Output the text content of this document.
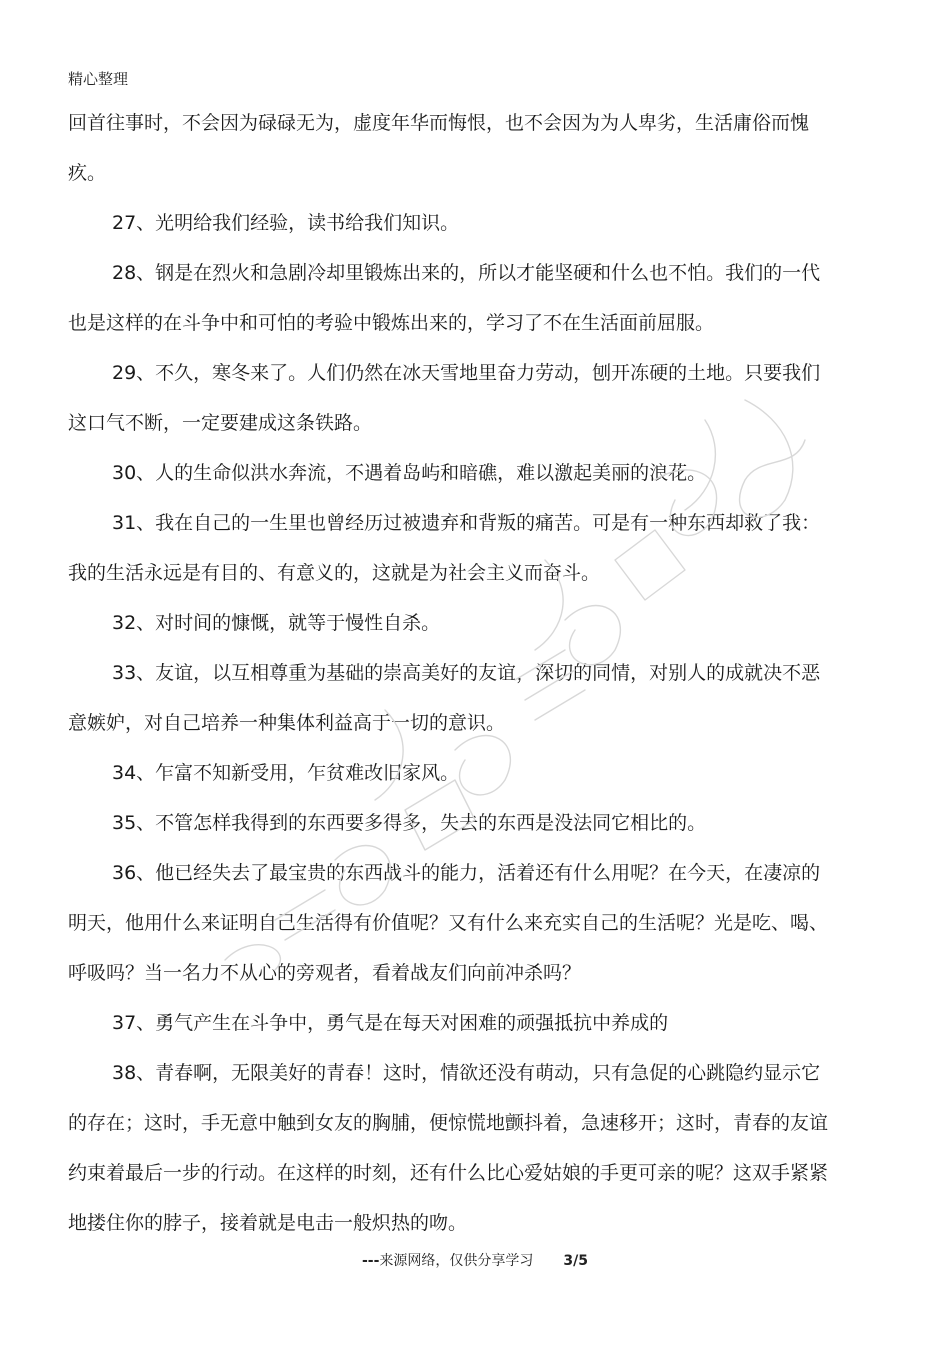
精心整理

回首往事时，不会因为碌碌无为，虚度年华而悔恨，也不会因为为人卑劣，生活庸俗而愧疚。

27、光明给我们经验，读书给我们知识。

28、钢是在烈火和急剧冷却里锻炼出来的，所以才能坚硬和什么也不怕。我们的一代也是这样的在斗争中和可怕的考验中锻炼出来的，学习了不在生活面前屈服。

29、不久，寒冬来了。人们仍然在冰天雪地里奋力劳动，刨开冻硬的土地。只要我们这口气不断，一定要建成这条铁路。

30、人的生命似洪水奔流，不遇着岛屿和暗礁，难以激起美丽的浪花。

31、我在自己的一生里也曾经历过被遗弃和背叛的痛苦。可是有一种东西却救了我：我的生活永远是有目的、有意义的，这就是为社会主义而奋斗。

32、对时间的慷慨，就等于慢性自杀。

33、友谊，以互相尊重为基础的崇高美好的友谊，深切的同情，对别人的成就决不恶意嫉妒，对自己培养一种集体利益高于一切的意识。

34、乍富不知新受用，乍贫难改旧家风。

35、不管怎样我得到的东西要多得多，失去的东西是没法同它相比的。

36、他已经失去了最宝贵的东西战斗的能力，活着还有什么用呢？在今天，在凄凉的明天，他用什么来证明自己生活得有价值呢？又有什么来充实自己的生活呢？光是吃、喝、呼吸吗？当一名力不从心的旁观者，看着战友们向前冲杀吗？

37、勇气产生在斗争中，勇气是在每天对困难的顽强抵抗中养成的

38、青春啊，无限美好的青春！这时，情欲还没有萌动，只有急促的心跳隐约显示它的存在；这时，手无意中触到女友的胸脯，便惊慌地颤抖着，急速移开；这时，青春的友谊约束着最后一步的行动。在这样的时刻，还有什么比心爱姑娘的手更可亲的呢？这双手紧紧地搂住你的脖子，接着就是电击一般炽热的吻。

---来源网络，仅供分享学习 3/5
